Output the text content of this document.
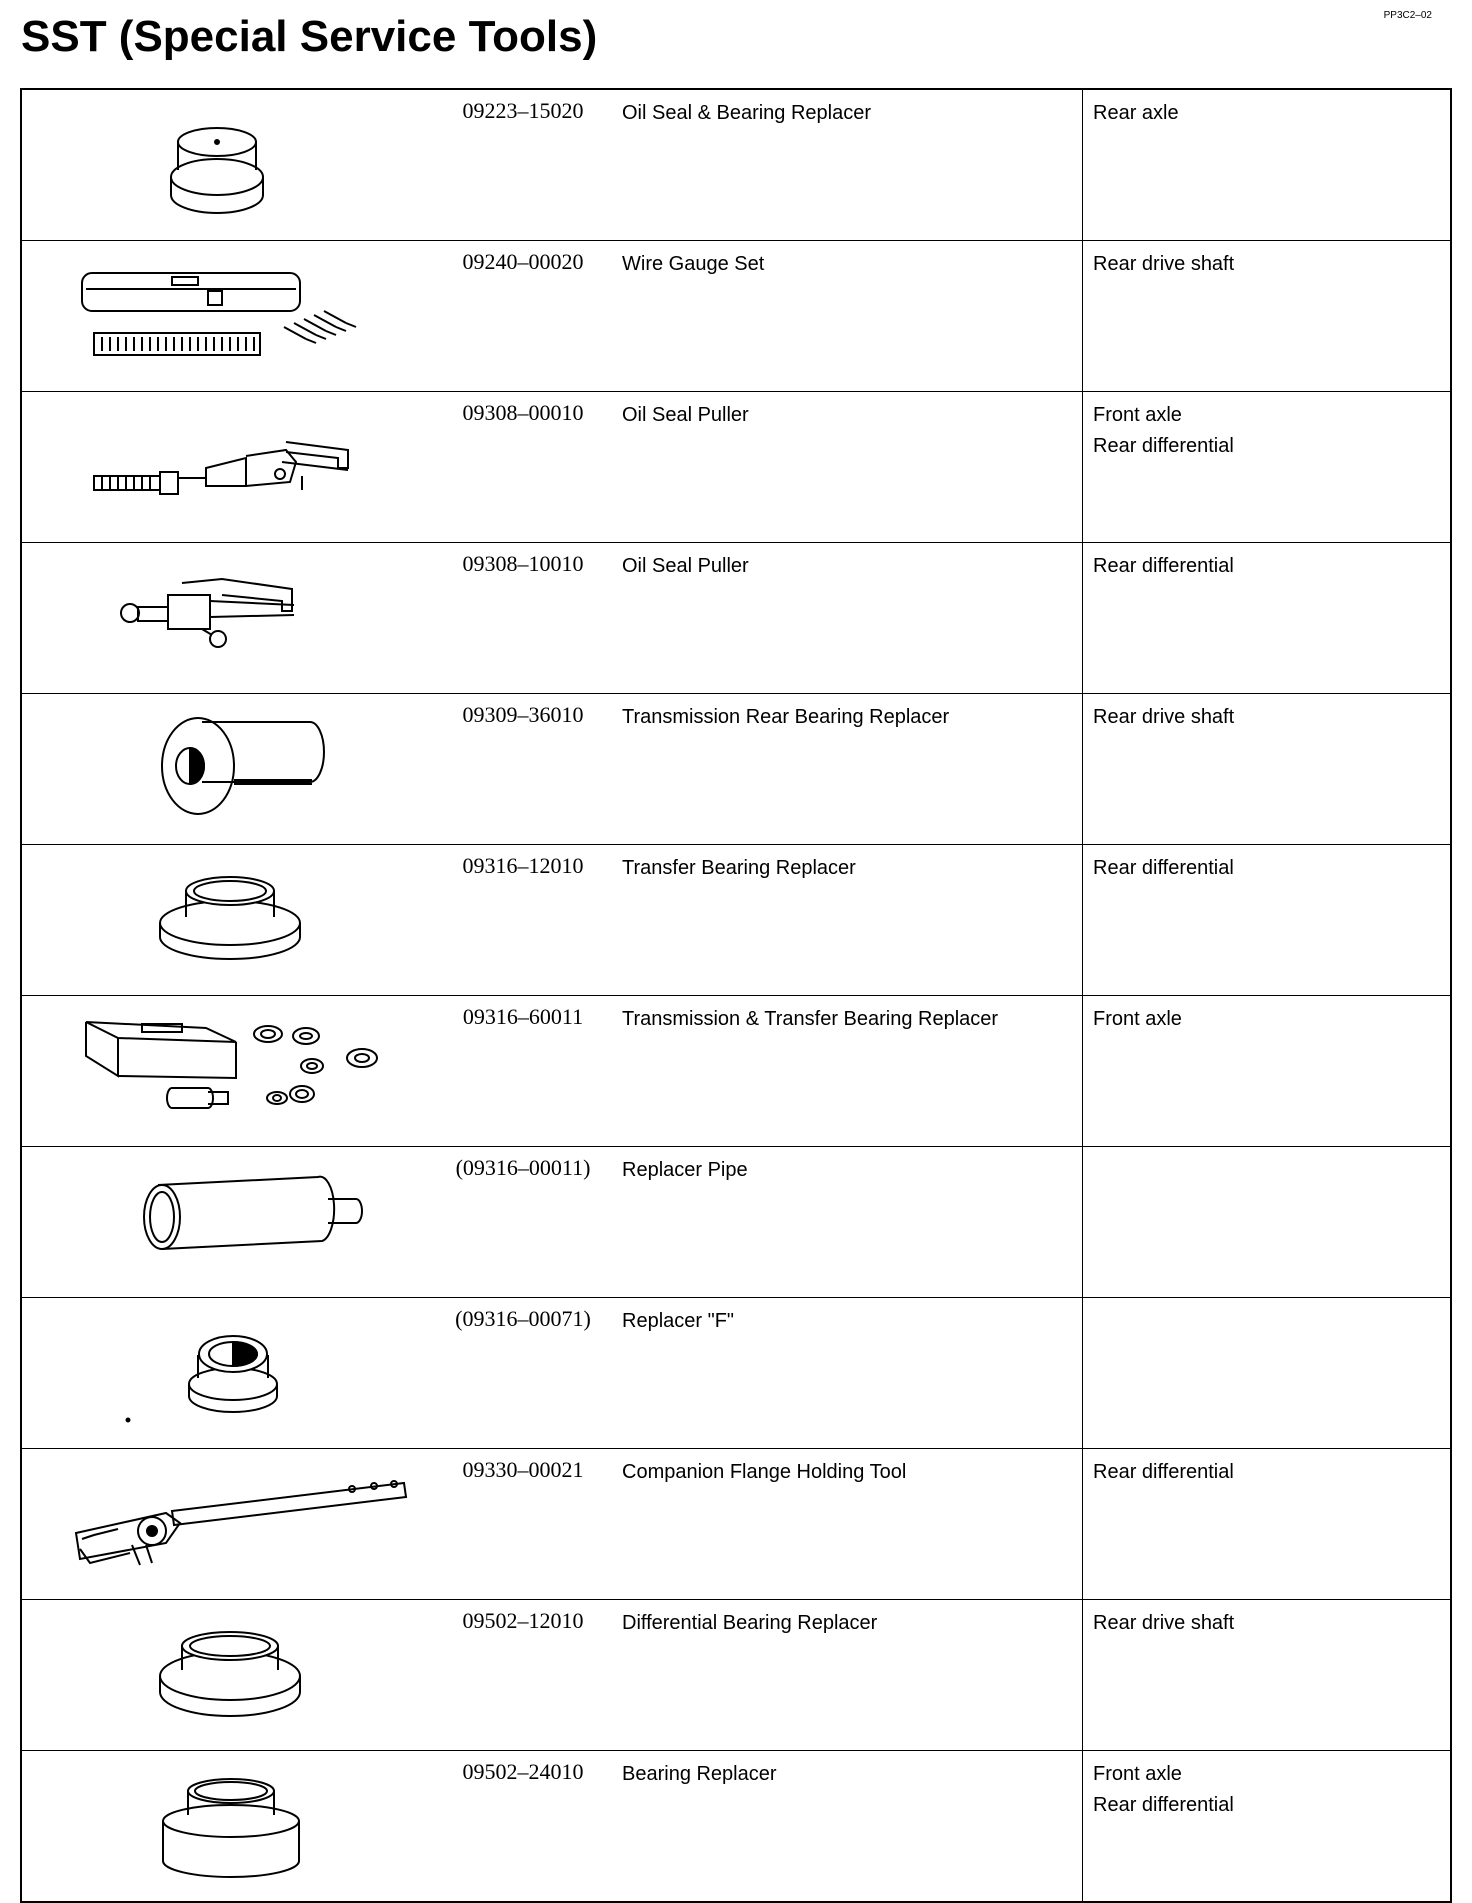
SST (Special Service Tools)	PP3C2–02
	09223–15020	Oil Seal & Bearing Replacer	Rear axle

	09240–00020	Wire Gauge Set	Rear drive shaft

	09308–00010	Oil Seal Puller	Front axle
Rear differential

	09308–10010	Oil Seal Puller	Rear differential

	09309–36010	Transmission Rear Bearing Replacer	Rear drive shaft

	09316–12010	Transfer Bearing Replacer	Rear differential

	09316–60011	Transmission & Transfer Bearing Replacer	Front axle

	(09316–00011)	Replacer Pipe	

	(09316–00071)	Replacer "F"	

	09330–00021	Companion Flange Holding Tool	Rear differential

	09502–12010	Differential Bearing Replacer	Rear drive shaft

	09502–24010	Bearing Replacer	Front axle
Rear differential
